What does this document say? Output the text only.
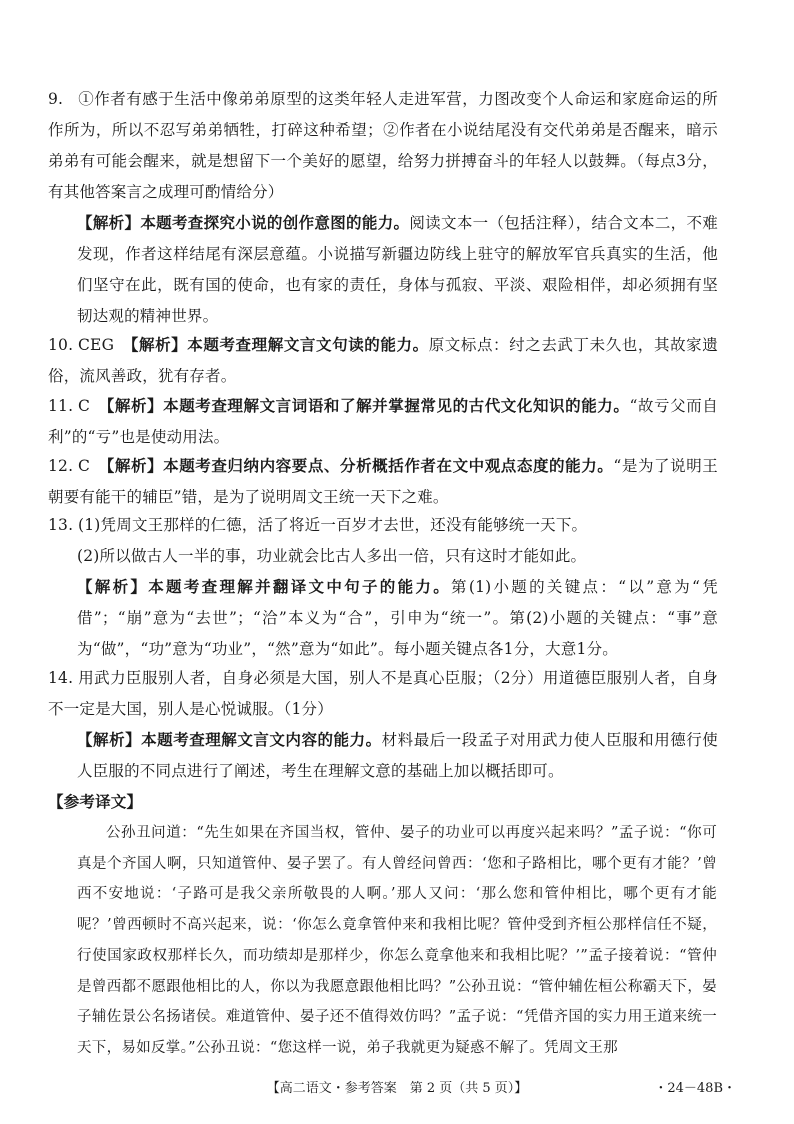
9. ①作者有感于生活中像弟弟原型的这类年轻人走进军营，力图改变个人命运和家庭命运的所作所为，所以不忍写弟弟牺牲，打碎这种希望；②作者在小说结尾没有交代弟弟是否醒来，暗示弟弟有可能会醒来，就是想留下一个美好的愿望，给努力拼搏奋斗的年轻人以鼓舞。（每点3分，有其他答案言之成理可酌情给分）

【解析】本题考查探究小说的创作意图的能力。阅读文本一（包括注释），结合文本二，不难发现，作者这样结尾有深层意蕴。小说描写新疆边防线上驻守的解放军官兵真实的生活，他们坚守在此，既有国的使命，也有家的责任，身体与孤寂、平淡、艰险相伴，却必须拥有坚韧达观的精神世界。

10. CEG　 【解析】本题考查理解文言文句读的能力。原文标点：纣之去武丁未久也，其故家遗俗，流风善政，犹有存者。

11. C　 【解析】本题考查理解文言词语和了解并掌握常见的古代文化知识的能力。“故亏父而自利”的“亏”也是使动用法。

12. C　 【解析】本题考查归纳内容要点、分析概括作者在文中观点态度的能力。“是为了说明王朝要有能干的辅臣”错，是为了说明周文王统一天下之难。

13. (1)凭周文王那样的仁德，活了将近一百岁才去世，还没有能够统一天下。

(2)所以做古人一半的事，功业就会比古人多出一倍，只有这时才能如此。

【解析】本题考查理解并翻译文中句子的能力。第(1)小题的关键点：“以”意为“凭借”；“崩”意为“去世”；“洽”本义为“合”，引申为“统一”。第(2)小题的关键点：“事”意为“做”，“功”意为“功业”，“然”意为“如此”。每小题关键点各1分，大意1分。

14. 用武力臣服别人者，自身必须是大国，别人不是真心臣服；（2分）用道德臣服别人者，自身不一定是大国，别人是心悦诚服。（1分）

【解析】本题考查理解文言文内容的能力。材料最后一段孟子对用武力使人臣服和用德行使人臣服的不同点进行了阐述，考生在理解文意的基础上加以概括即可。

【参考译文】

公孙丑问道：“先生如果在齐国当权，管仲、晏子的功业可以再度兴起来吗？”孟子说：“你可真是个齐国人啊，只知道管仲、晏子罢了。有人曾经问曾西：‘您和子路相比，哪个更有才能？’曾西不安地说：‘子路可是我父亲所敬畏的人啊。’那人又问：‘那么您和管仲相比，哪个更有才能呢？’曾西顿时不高兴起来，说：‘你怎么竟拿管仲来和我相比呢？管仲受到齐桓公那样信任不疑，行使国家政权那样长久，而功绩却是那样少，你怎么竟拿他来和我相比呢？’”孟子接着说：“管仲是曾西都不愿跟他相比的人，你以为我愿意跟他相比吗？”公孙丑说：“管仲辅佐桓公称霸天下，晏子辅佐景公名扬诸侯。难道管仲、晏子还不值得效仿吗？”孟子说：“凭借齐国的实力用王道来统一天下，易如反掌。”公孙丑说：“您这样一说，弟子我就更为疑惑不解了。凭周文王那

【高二语文・参考答案　第 2 页（共 5 页）】	・24－48B・
